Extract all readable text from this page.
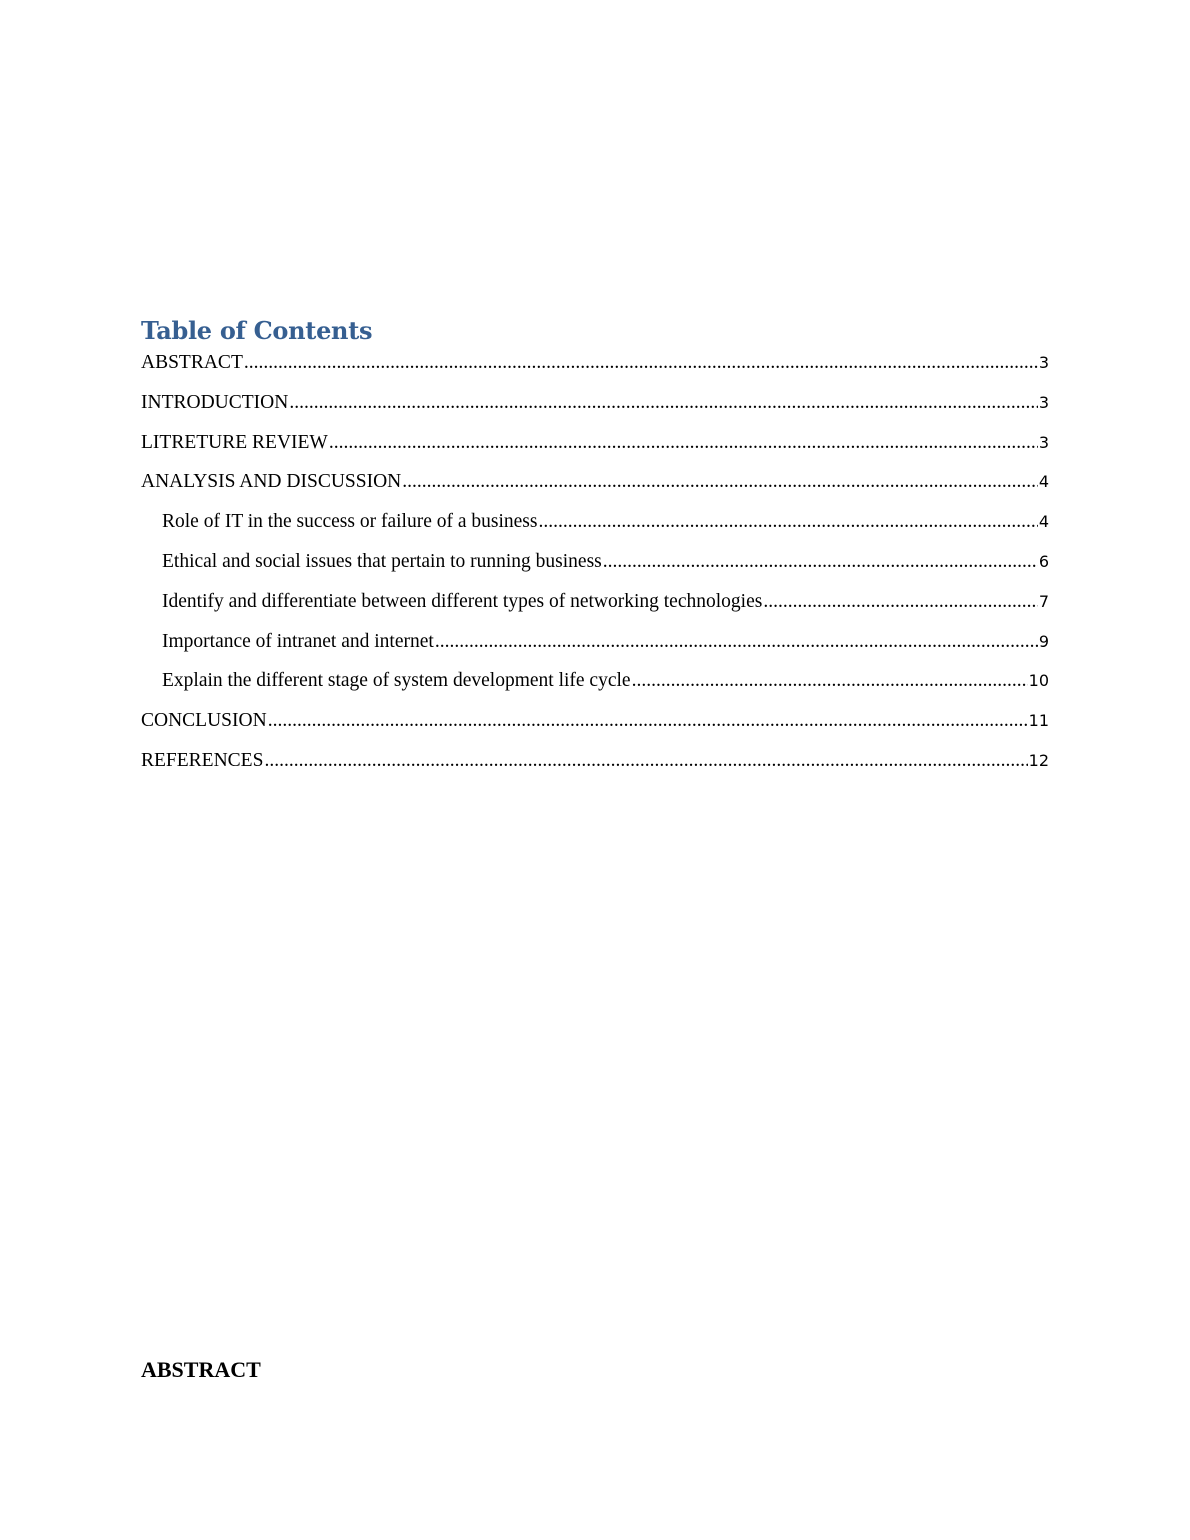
Table of Contents
ABSTRACT .....	3
INTRODUCTION .....	3
LITRETURE REVIEW .....	3
ANALYSIS AND DISCUSSION .....	4
Role of IT in the success or failure of a business .....	4
Ethical and social issues that pertain to running business .....	6
Identify and differentiate between different types of networking technologies .....	7
Importance of intranet and internet .....	9
Explain the different stage of system development life cycle .....	10
CONCLUSION .....	11
REFERENCES .....	12
ABSTRACT
